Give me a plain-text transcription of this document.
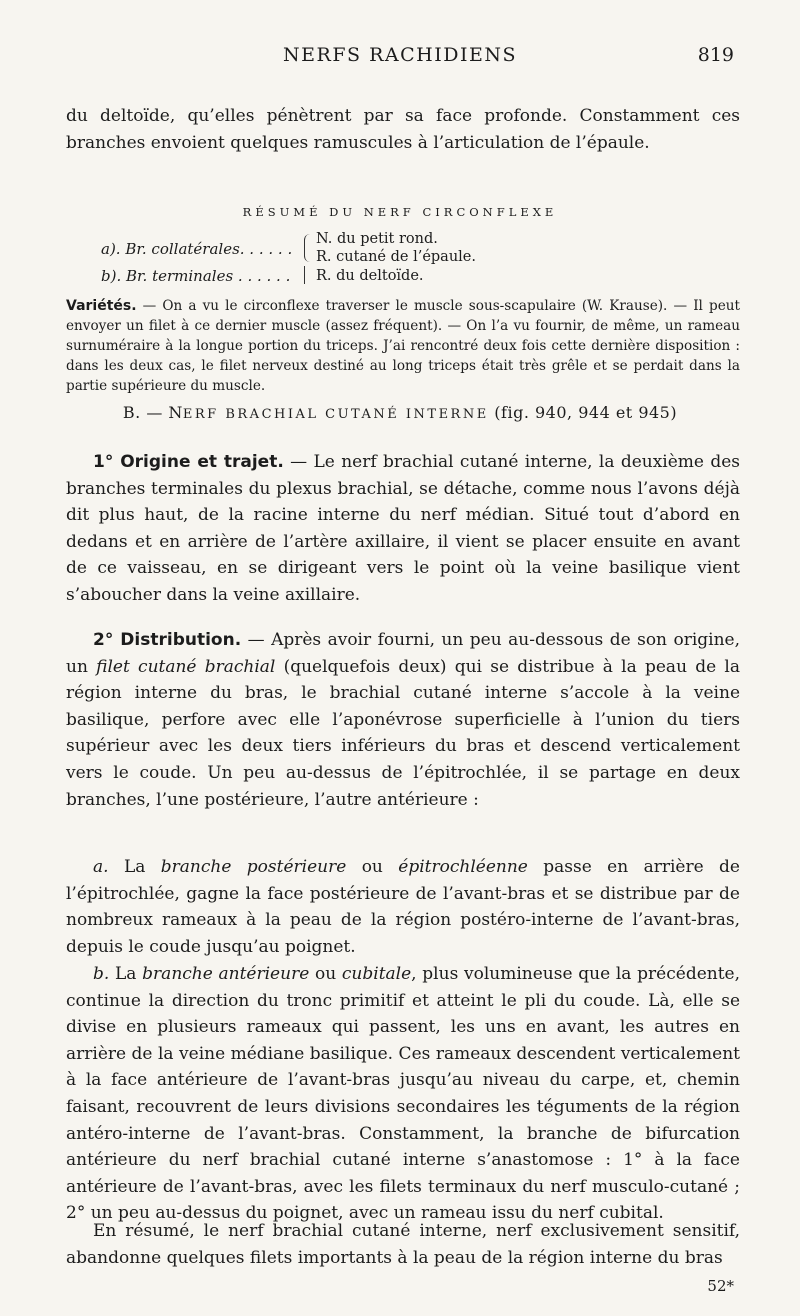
NERFS RACHIDIENS	819
du deltoïde, qu’elles pénètrent par sa face profonde. Constamment ces branches envoient quelques ramuscules à l’articulation de l’épaule.
RÉSUMÉ DU NERF CIRCONFLEXE
a). Br. collatérales. . . . . .
N. du petit rond.
R. cutané de l’épaule.
b). Br. terminales . . . . . . R. du deltoïde.
Variétés. — On a vu le circonflexe traverser le muscle sous-scapulaire (W. Krause). — Il peut envoyer un filet à ce dernier muscle (assez fréquent). — On l’a vu fournir, de même, un rameau surnuméraire à la longue portion du triceps. J’ai rencontré deux fois cette dernière disposition : dans les deux cas, le filet nerveux destiné au long triceps était très grêle et se perdait dans la partie supérieure du muscle.
B. — NERF BRACHIAL CUTANÉ INTERNE (fig. 940, 944 et 945)
1° Origine et trajet. — Le nerf brachial cutané interne, la deuxième des branches terminales du plexus brachial, se détache, comme nous l’avons déjà dit plus haut, de la racine interne du nerf médian. Situé tout d’abord en dedans et en arrière de l’artère axillaire, il vient se placer ensuite en avant de ce vaisseau, en se dirigeant vers le point où la veine basilique vient s’aboucher dans la veine axillaire.
2° Distribution. — Après avoir fourni, un peu au-dessous de son origine, un filet cutané brachial (quelquefois deux) qui se distribue à la peau de la région interne du bras, le brachial cutané interne s’accole à la veine basilique, perfore avec elle l’aponévrose superficielle à l’union du tiers supérieur avec les deux tiers inférieurs du bras et descend verticalement vers le coude. Un peu au-dessus de l’épitrochlée, il se partage en deux branches, l’une postérieure, l’autre antérieure :
a. La branche postérieure ou épitrochléenne passe en arrière de l’épitrochlée, gagne la face postérieure de l’avant-bras et se distribue par de nombreux rameaux à la peau de la région postéro-interne de l’avant-bras, depuis le coude jusqu’au poignet.
b. La branche antérieure ou cubitale, plus volumineuse que la précédente, continue la direction du tronc primitif et atteint le pli du coude. Là, elle se divise en plusieurs rameaux qui passent, les uns en avant, les autres en arrière de la veine médiane basilique. Ces rameaux descendent verticalement à la face antérieure de l’avant-bras jusqu’au niveau du carpe, et, chemin faisant, recouvrent de leurs divisions secondaires les téguments de la région antéro-interne de l’avant-bras. Constamment, la branche de bifurcation antérieure du nerf brachial cutané interne s’anastomose : 1° à la face antérieure de l’avant-bras, avec les filets terminaux du nerf musculo-cutané ; 2° un peu au-dessus du poignet, avec un rameau issu du nerf cubital.
En résumé, le nerf brachial cutané interne, nerf exclusivement sensitif, abandonne quelques filets importants à la peau de la région interne du bras
52*
